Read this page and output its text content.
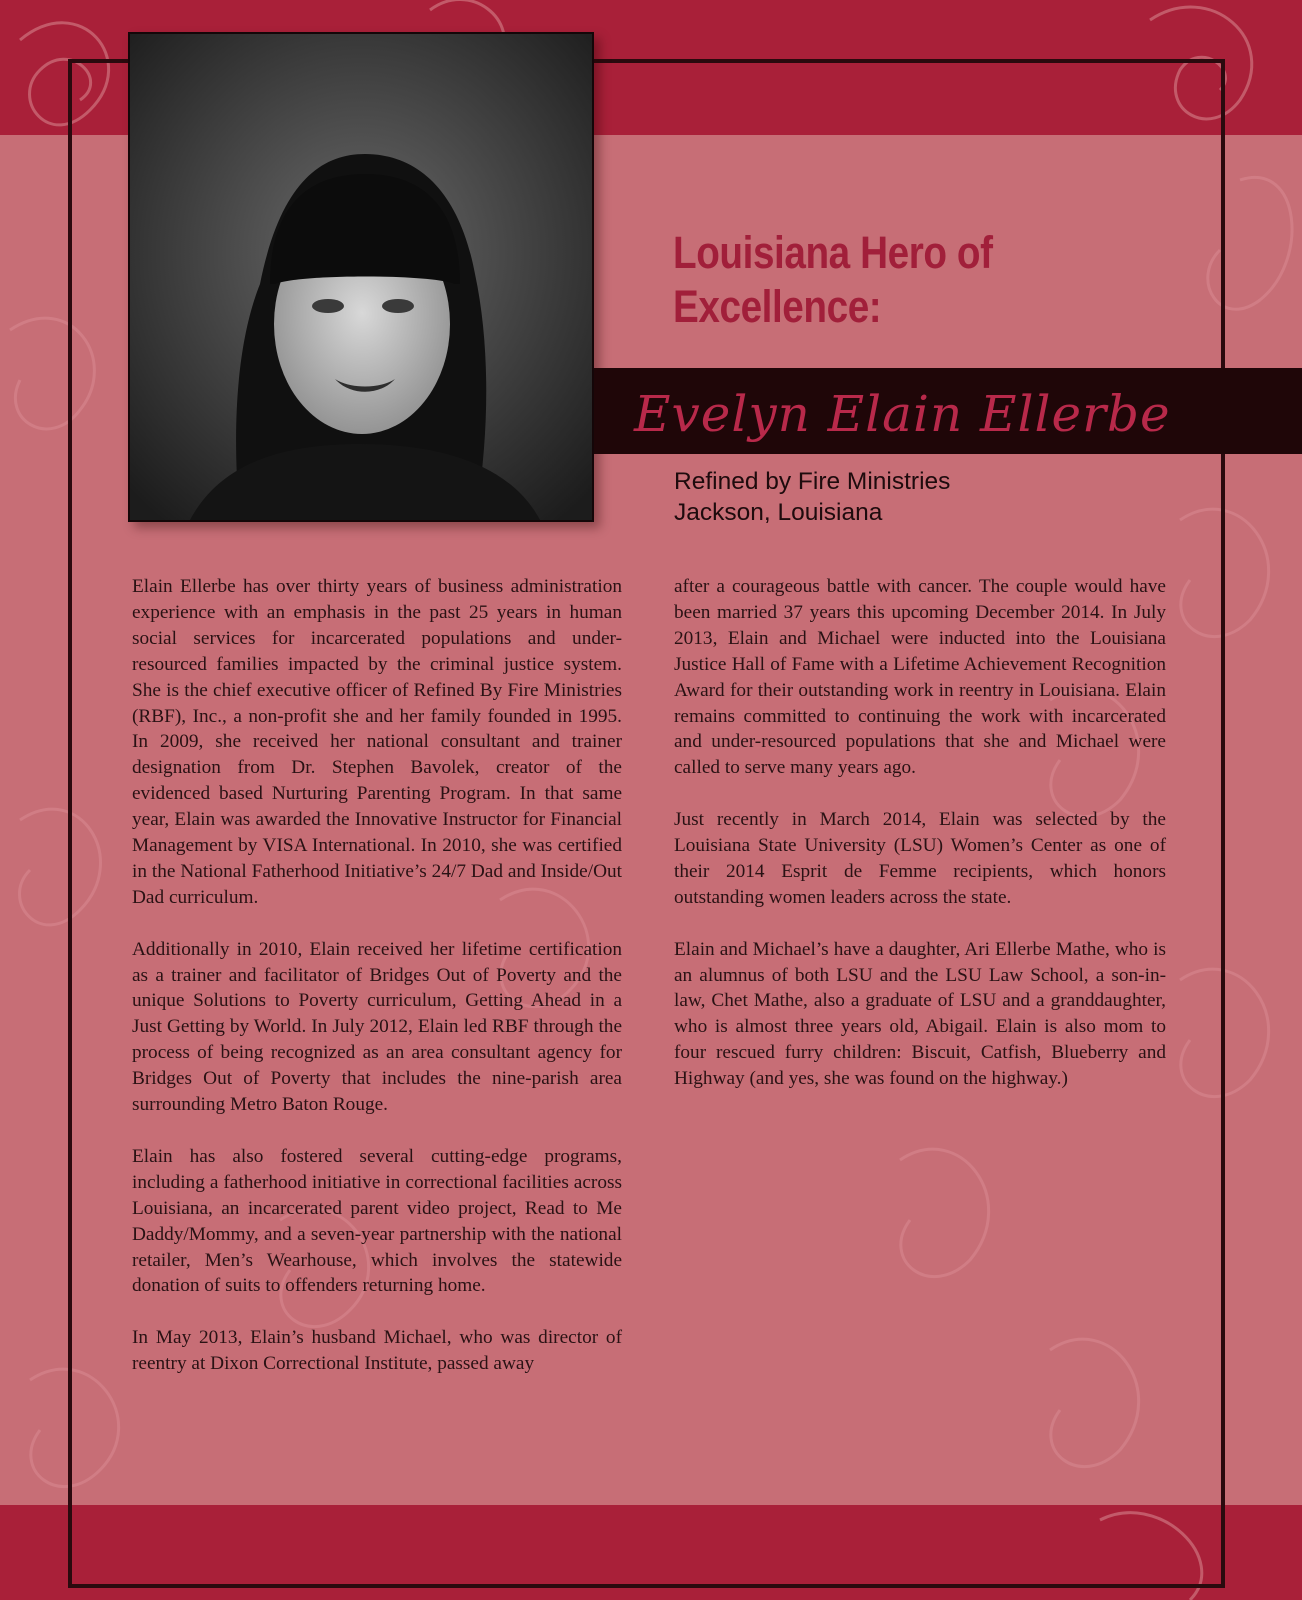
Louisiana Hero of
Excellence:
Evelyn Elain Ellerbe
Refined by Fire Ministries
Jackson, Louisiana

Elain Ellerbe has over thirty years of business administration experience with an emphasis in the past 25 years in human social services for incarcerated populations and under-resourced families impacted by the criminal justice system. She is the chief executive officer of Refined By Fire Ministries (RBF), Inc., a non-profit she and her family founded in 1995. In 2009, she received her national consultant and trainer designation from Dr. Stephen Bavolek, creator of the evidenced based Nurturing Parenting Program. In that same year, Elain was awarded the Innovative Instructor for Financial Management by VISA International. In 2010, she was certified in the National Fatherhood Initiative’s 24/7 Dad and Inside/Out Dad curriculum.

Additionally in 2010, Elain received her lifetime certification as a trainer and facilitator of Bridges Out of Poverty and the unique Solutions to Poverty curriculum, Getting Ahead in a Just Getting by World. In July 2012, Elain led RBF through the process of being recognized as an area consultant agency for Bridges Out of Poverty that includes the nine-parish area surrounding Metro Baton Rouge.

Elain has also fostered several cutting-edge programs, including a fatherhood initiative in correctional facilities across Louisiana, an incarcerated parent video project, Read to Me Daddy/Mommy, and a seven-year partnership with the national retailer, Men’s Wearhouse, which involves the statewide donation of suits to offenders returning home.

In May 2013, Elain’s husband Michael, who was director of reentry at Dixon Correctional Institute, passed away

after a courageous battle with cancer. The couple would have been married 37 years this upcoming December 2014. In July 2013, Elain and Michael were inducted into the Louisiana Justice Hall of Fame with a Lifetime Achievement Recognition Award for their outstanding work in reentry in Louisiana. Elain remains committed to continuing the work with incarcerated and under-resourced populations that she and Michael were called to serve many years ago.

Just recently in March 2014, Elain was selected by the Louisiana State University (LSU) Women’s Center as one of their 2014 Esprit de Femme recipients, which honors outstanding women leaders across the state.

Elain and Michael’s have a daughter, Ari Ellerbe Mathe, who is an alumnus of both LSU and the LSU Law School, a son-in-law, Chet Mathe, also a graduate of LSU and a granddaughter, who is almost three years old, Abigail. Elain is also mom to four rescued furry children: Biscuit, Catfish, Blueberry and Highway (and yes, she was found on the highway.)
